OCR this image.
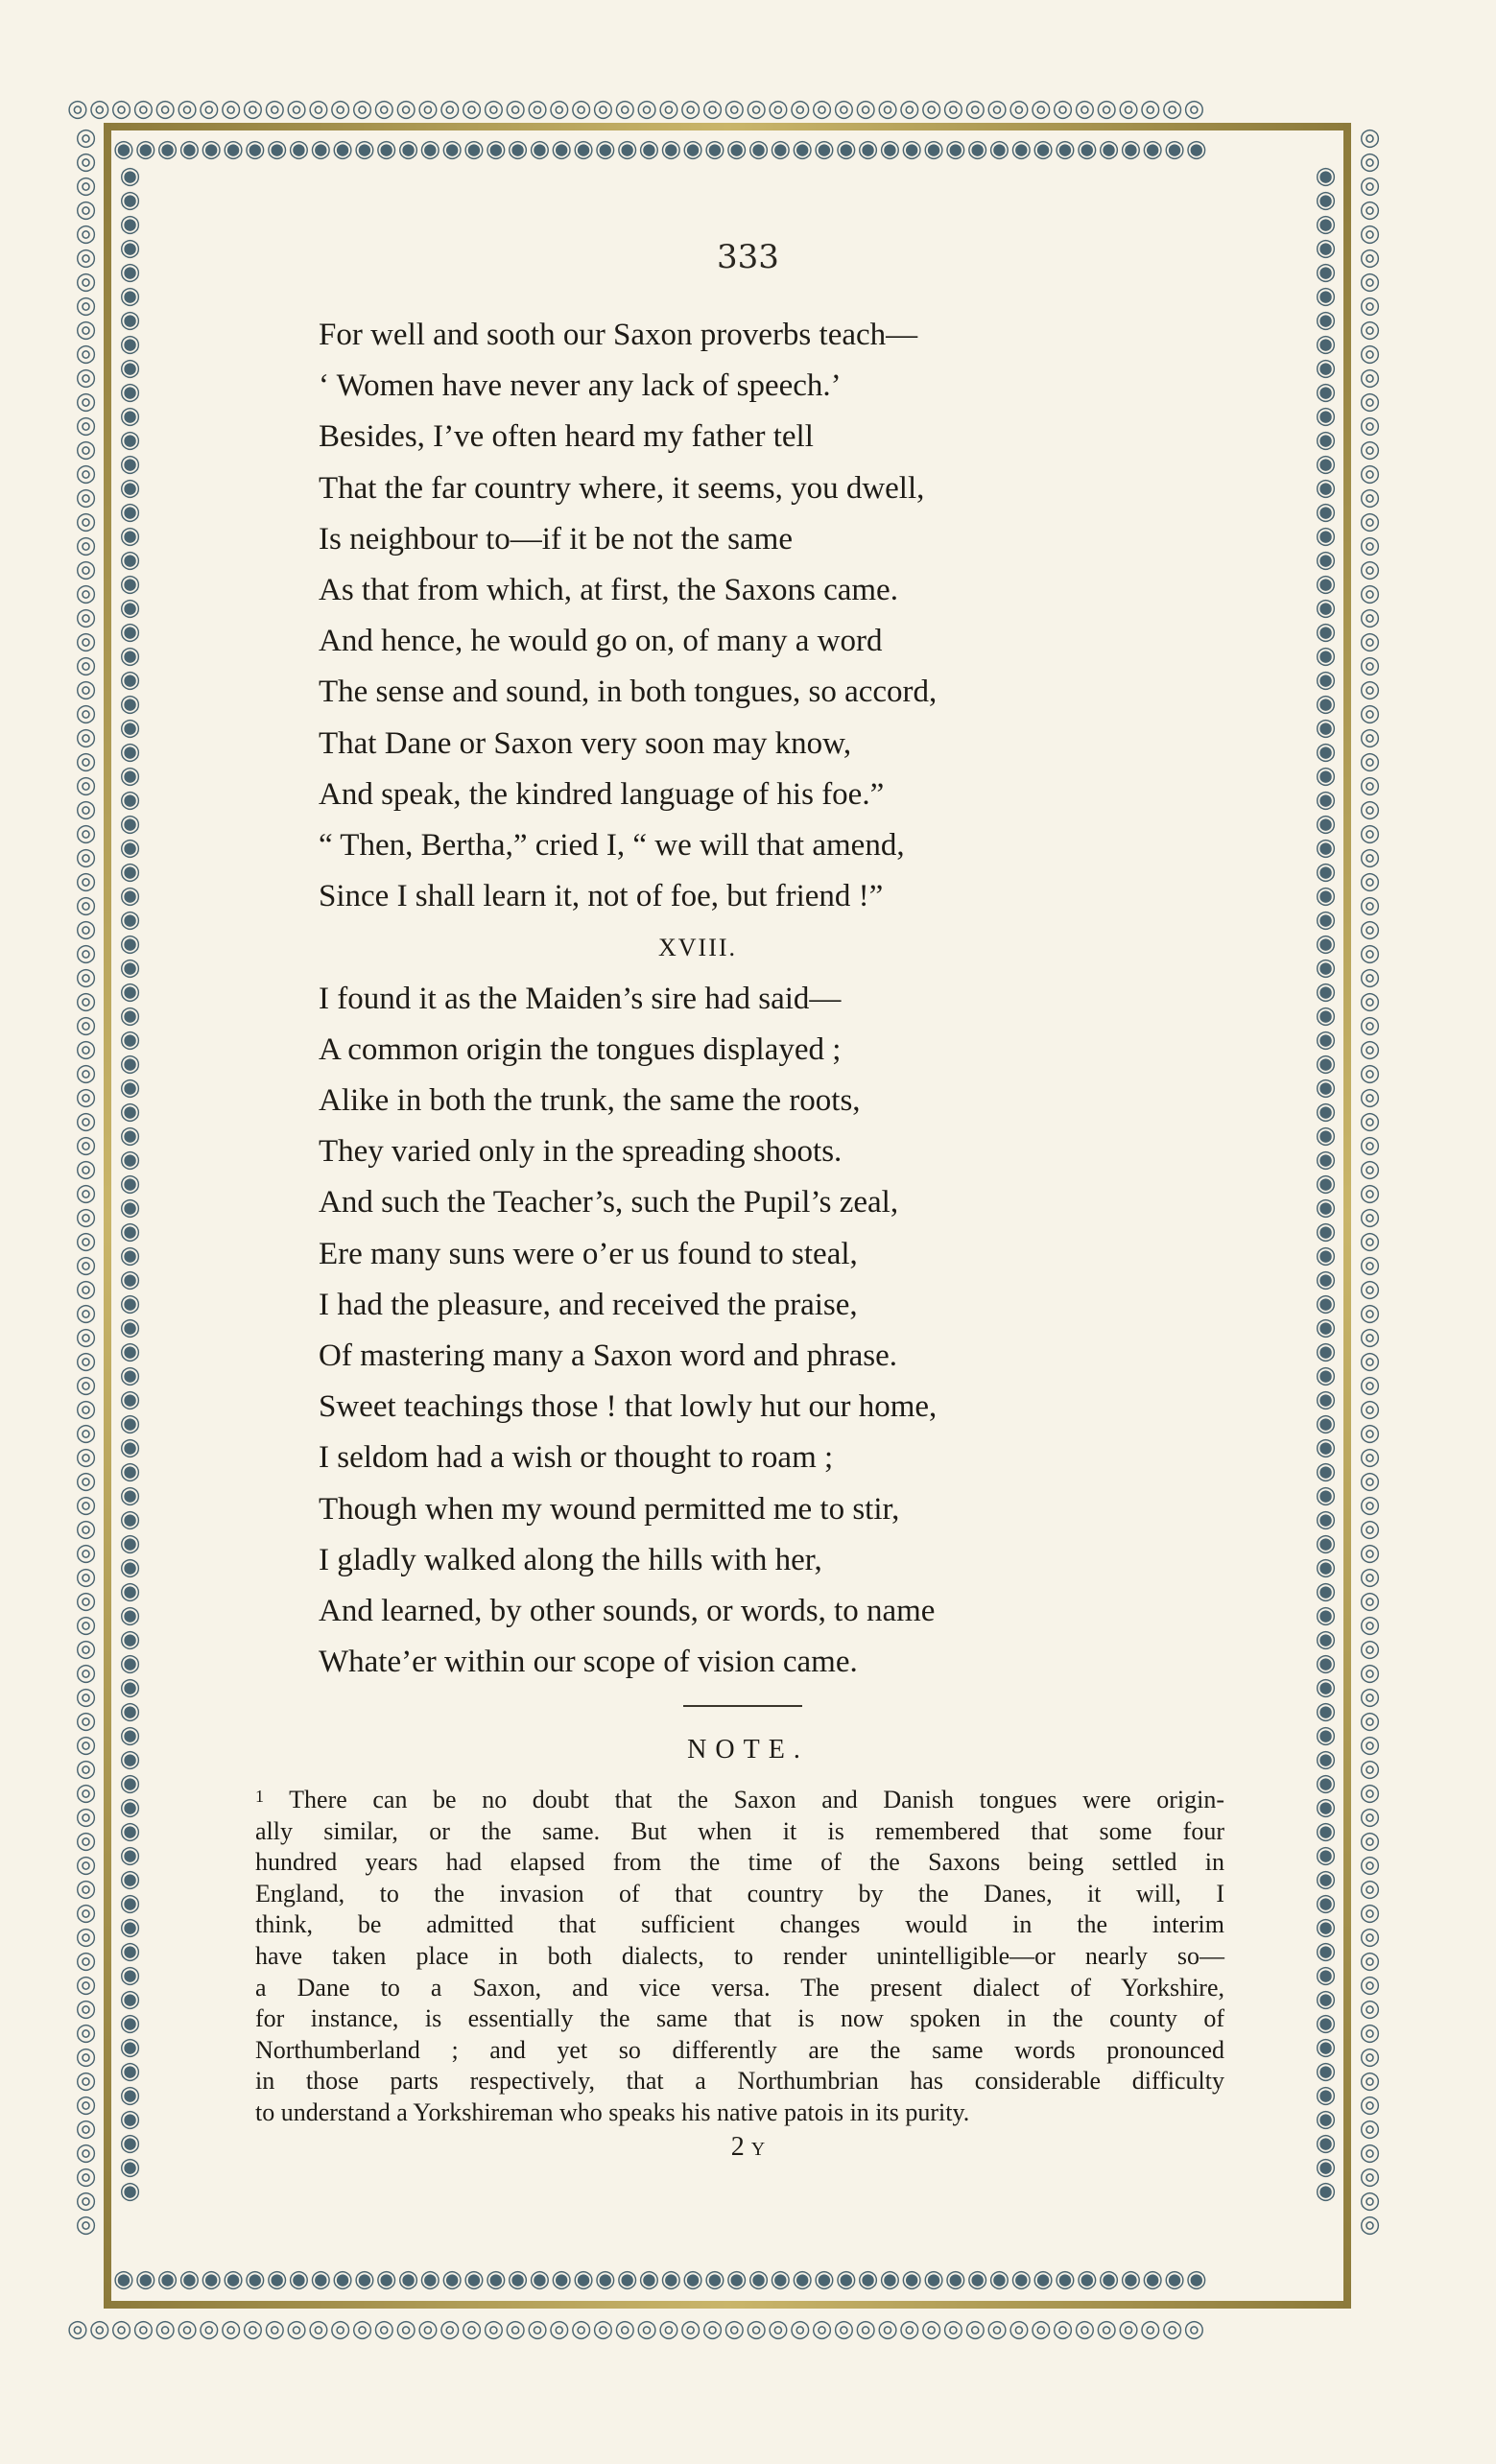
◎◎◎◎◎◎◎◎◎◎◎◎◎◎◎◎◎◎◎◎◎◎◎◎◎◎◎◎◎◎◎◎◎◎◎◎◎◎◎◎◎◎◎◎◎◎◎◎◎◎◎◎
◉◉◉◉◉◉◉◉◉◉◉◉◉◉◉◉◉◉◉◉◉◉◉◉◉◉◉◉◉◉◉◉◉◉◉◉◉◉◉◉◉◉◉◉◉◉◉◉◉◉
◉◉◉◉◉◉◉◉◉◉◉◉◉◉◉◉◉◉◉◉◉◉◉◉◉◉◉◉◉◉◉◉◉◉◉◉◉◉◉◉◉◉◉◉◉◉◉◉◉◉
◎◎◎◎◎◎◎◎◎◎◎◎◎◎◎◎◎◎◎◎◎◎◎◎◎◎◎◎◎◎◎◎◎◎◎◎◎◎◎◎◎◎◎◎◎◎◎◎◎◎◎◎
◎◎◎◎◎◎◎◎◎◎◎◎◎◎◎◎◎◎◎◎◎◎◎◎◎◎◎◎◎◎◎◎◎◎◎◎◎◎◎◎◎◎◎◎◎◎◎◎◎◎◎◎◎◎◎◎◎◎◎◎◎◎◎◎◎◎◎◎◎◎◎◎◎◎◎◎◎◎◎◎◎◎◎◎◎◎◎◎
◉◉◉◉◉◉◉◉◉◉◉◉◉◉◉◉◉◉◉◉◉◉◉◉◉◉◉◉◉◉◉◉◉◉◉◉◉◉◉◉◉◉◉◉◉◉◉◉◉◉◉◉◉◉◉◉◉◉◉◉◉◉◉◉◉◉◉◉◉◉◉◉◉◉◉◉◉◉◉◉◉◉◉◉◉
◉◉◉◉◉◉◉◉◉◉◉◉◉◉◉◉◉◉◉◉◉◉◉◉◉◉◉◉◉◉◉◉◉◉◉◉◉◉◉◉◉◉◉◉◉◉◉◉◉◉◉◉◉◉◉◉◉◉◉◉◉◉◉◉◉◉◉◉◉◉◉◉◉◉◉◉◉◉◉◉◉◉◉◉◉
◎◎◎◎◎◎◎◎◎◎◎◎◎◎◎◎◎◎◎◎◎◎◎◎◎◎◎◎◎◎◎◎◎◎◎◎◎◎◎◎◎◎◎◎◎◎◎◎◎◎◎◎◎◎◎◎◎◎◎◎◎◎◎◎◎◎◎◎◎◎◎◎◎◎◎◎◎◎◎◎◎◎◎◎◎◎◎◎
333
For well and sooth our Saxon proverbs teach—
‘ Women have never any lack of speech.’
Besides, I’ve often heard my father tell
That the far country where, it seems, you dwell,
Is neighbour to—if it be not the same
As that from which, at first, the Saxons came.
And hence, he would go on, of many a word
The sense and sound, in both tongues, so accord,
That Dane or Saxon very soon may know,
And speak, the kindred language of his foe.”
“ Then, Bertha,” cried I, “ we will that amend,
Since I shall learn it, not of foe, but friend !”
XVIII.
I found it as the Maiden’s sire had said—
A common origin the tongues displayed ;
Alike in both the trunk, the same the roots,
They varied only in the spreading shoots.
And such the Teacher’s, such the Pupil’s zeal,
Ere many suns were o’er us found to steal,
I had the pleasure, and received the praise,
Of mastering many a Saxon word and phrase.
Sweet teachings those ! that lowly hut our home,
I seldom had a wish or thought to roam ;
Though when my wound permitted me to stir,
I gladly walked along the hills with her,
And learned, by other sounds, or words, to name
Whate’er within our scope of vision came.
NOTE.
$^1$ There can be no doubt that the Saxon and Danish tongues were origin-
ally similar, or the same. But when it is remembered that some four
hundred years had elapsed from the time of the Saxons being settled in
England, to the invasion of that country by the Danes, it will, I
think, be admitted that sufficient changes would in the interim
have taken place in both dialects, to render unintelligible—or nearly so—
a Dane to a Saxon, and vice versa. The present dialect of Yorkshire,
for instance, is essentially the same that is now spoken in the county of
Northumberland ; and yet so differently are the same words pronounced
in those parts respectively, that a Northumbrian has considerable difficulty
to understand a Yorkshireman who speaks his native patois in its purity.
2 Y
